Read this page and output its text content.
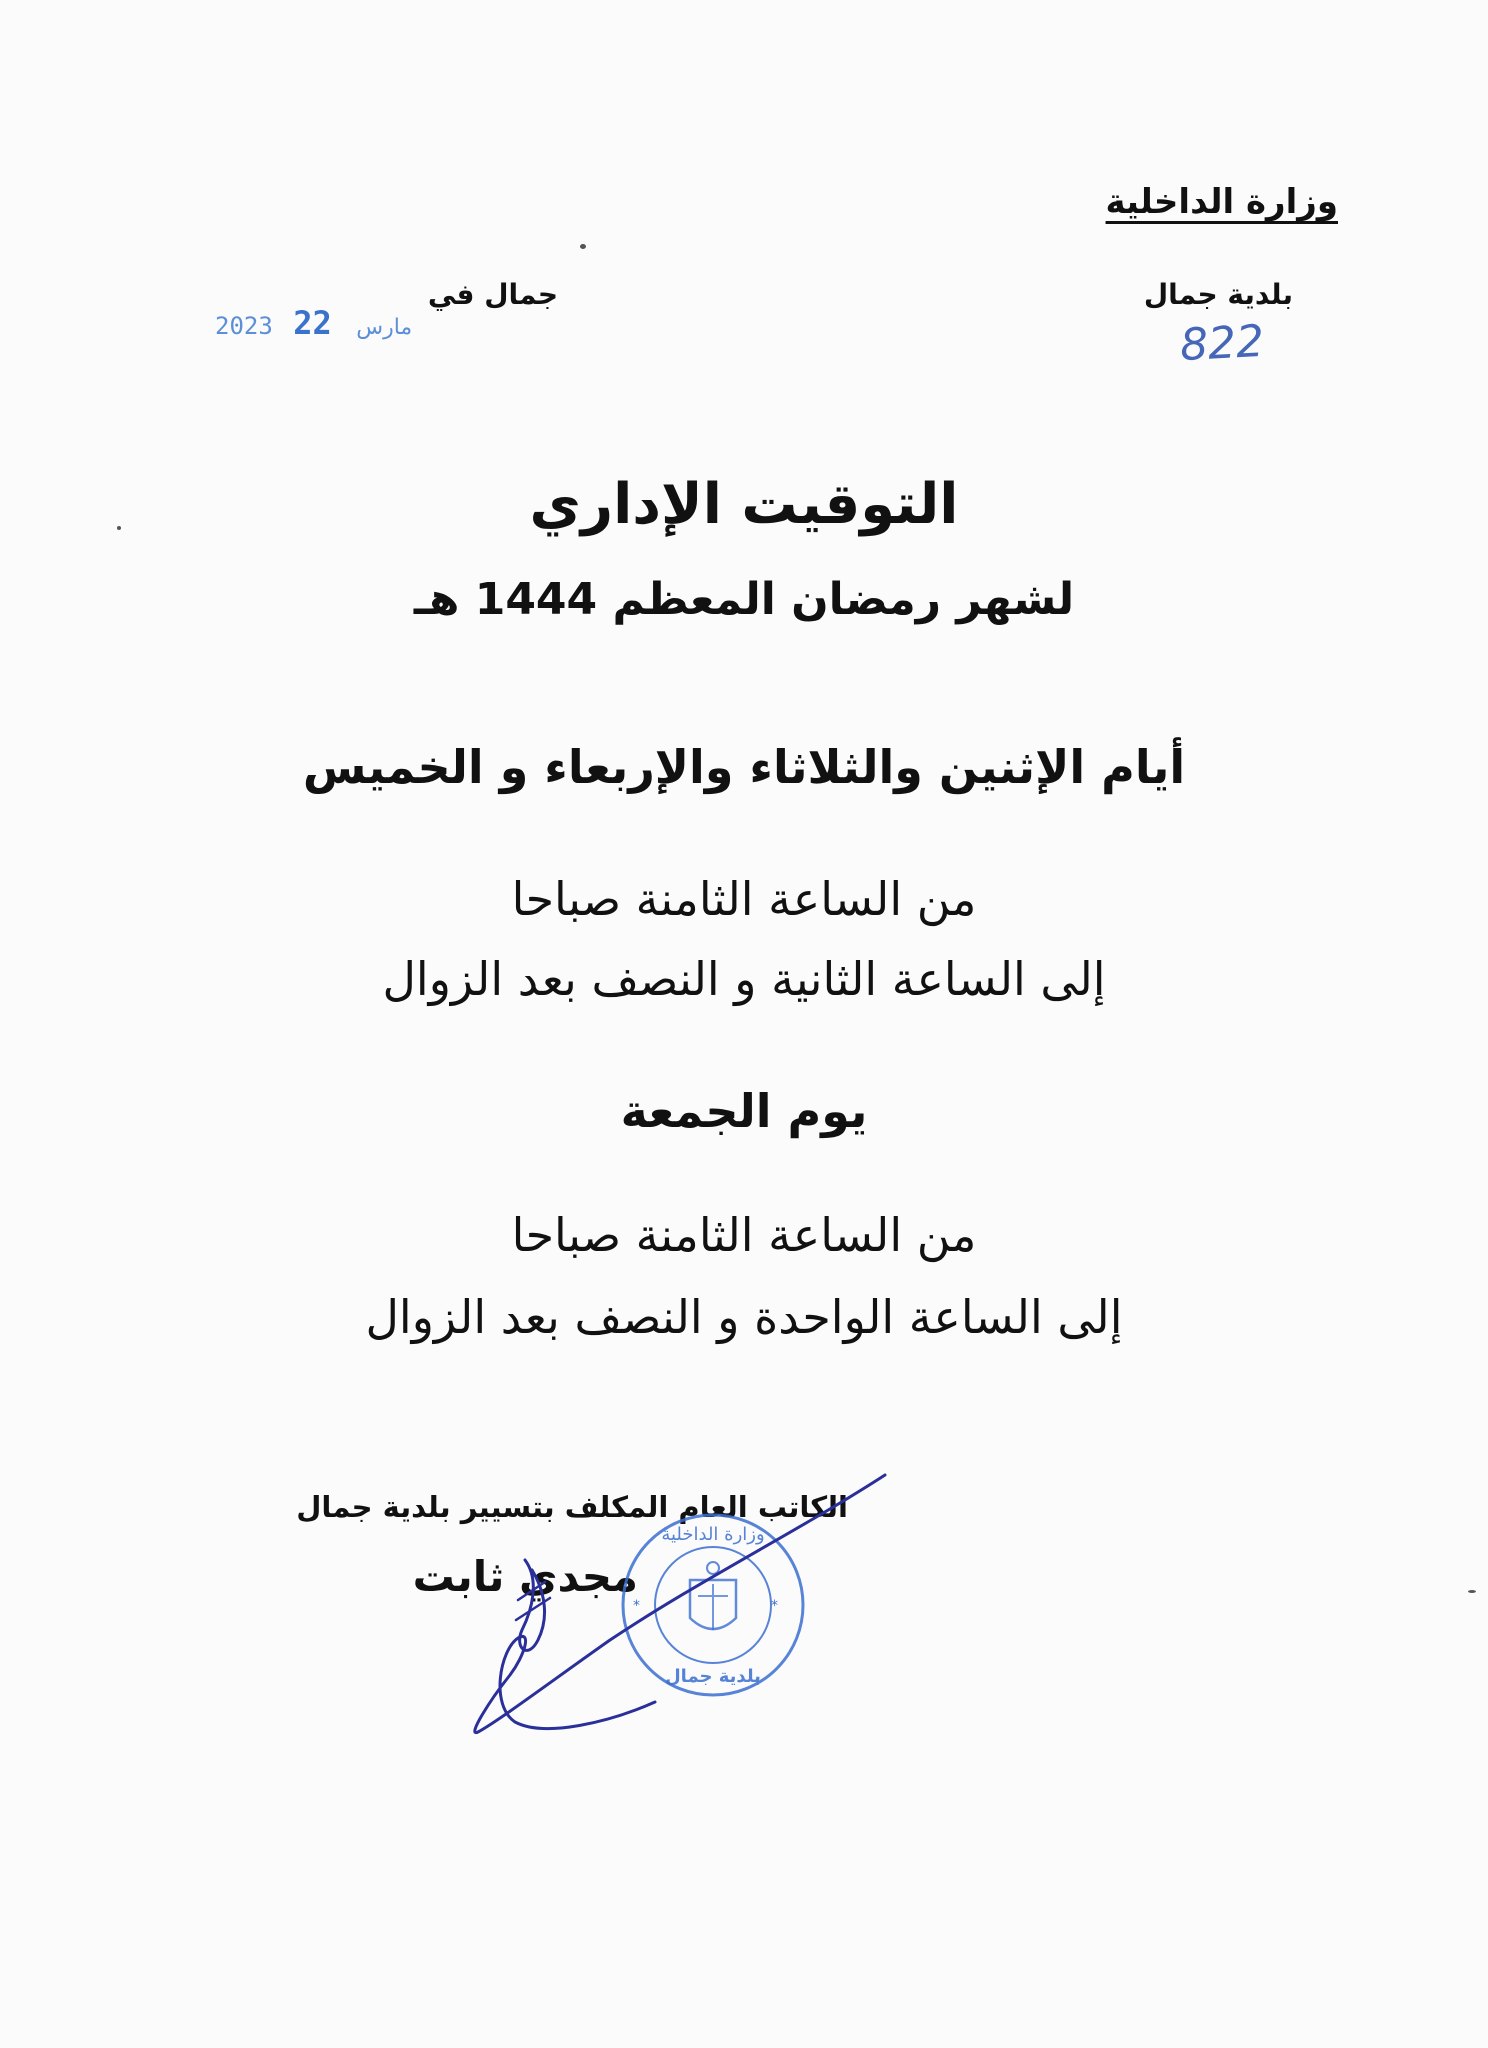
وزارة الداخلية
بلدية جمال
جمال في
2023	مارس 22	822
التوقيت الإداري
لشهر رمضان المعظم 1444 هـ
أيام الإثنين والثلاثاء والإربعاء و الخميس
من الساعة الثامنة صباحا
إلى الساعة الثانية و النصف بعد الزوال
يوم الجمعة
من الساعة الثامنة صباحا
إلى الساعة الواحدة و النصف بعد الزوال
الكاتب العام المكلف بتسيير بلدية جمال
مجدي ثابت
وزارة الداخلية
بلدية جمال
*	*
